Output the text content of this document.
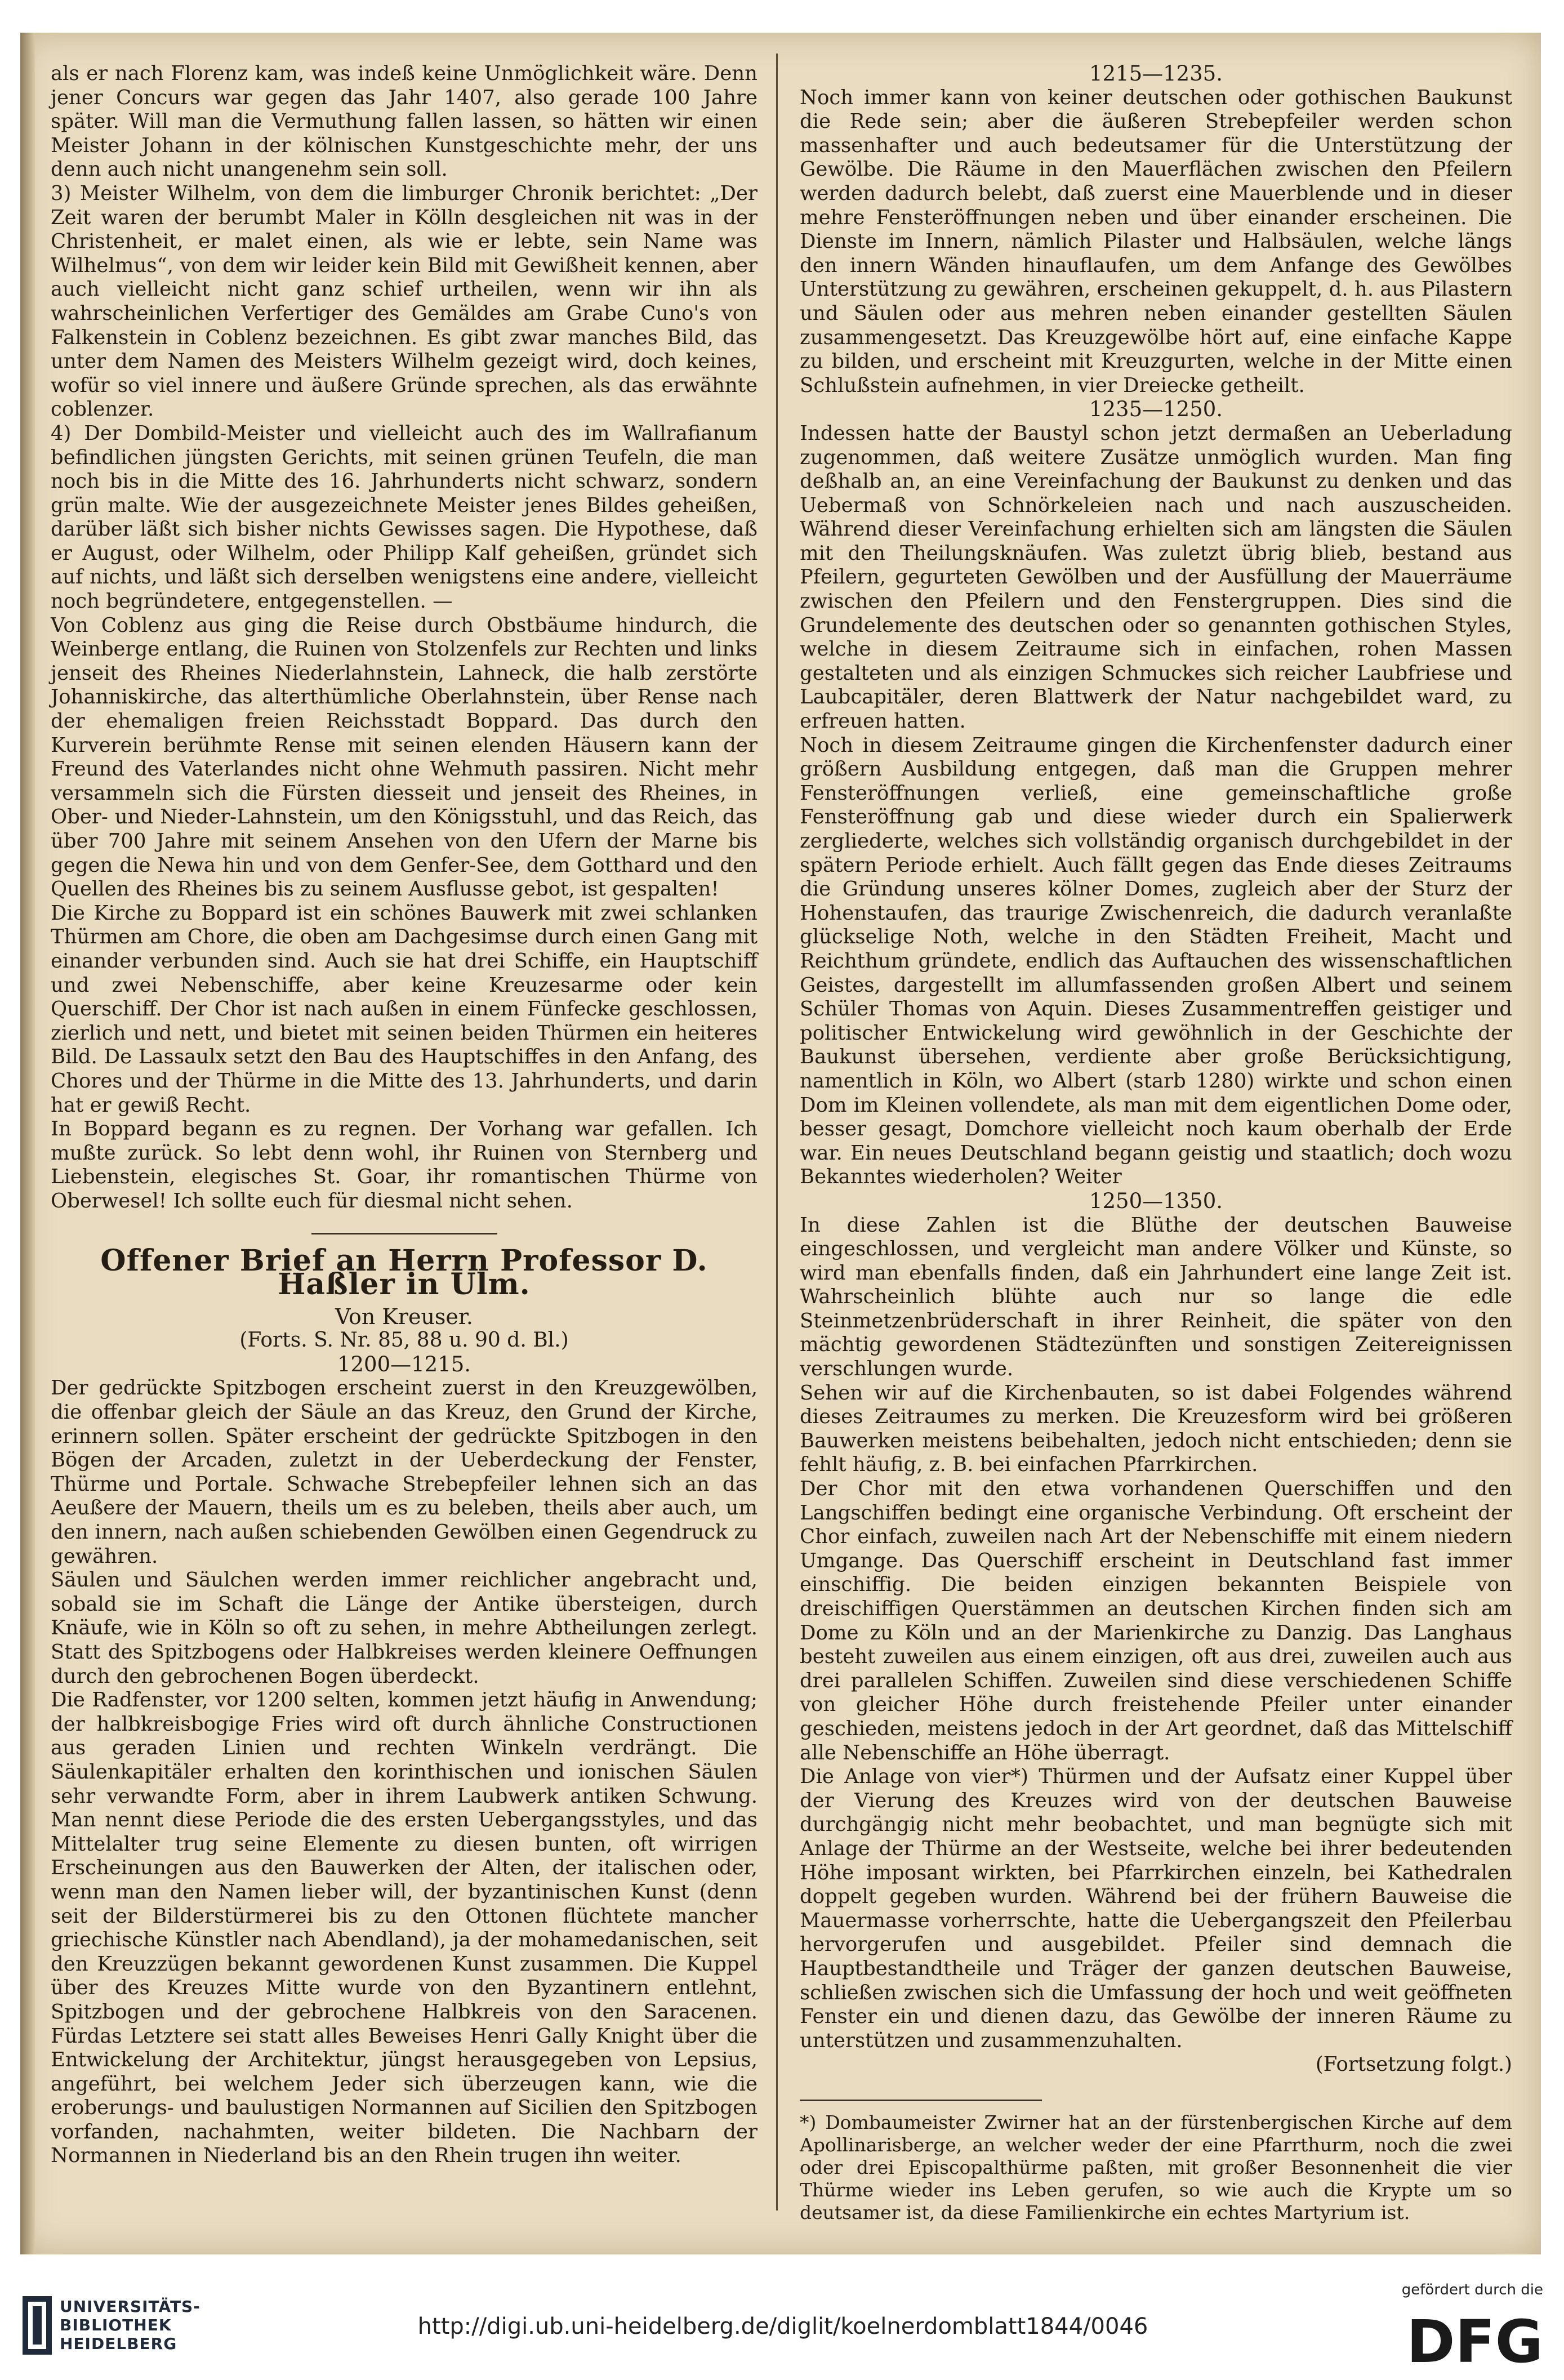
als er nach Florenz kam, was indeß keine Unmöglichkeit wäre. Denn jener Concurs war gegen das Jahr 1407, also gerade 100 Jahre später. Will man die Vermuthung fallen lassen, so hätten wir einen Meister Johann in der kölnischen Kunstgeschichte mehr, der uns denn auch nicht unangenehm sein soll.

3) Meister Wilhelm, von dem die limburger Chronik berichtet: „Der Zeit waren der berumbt Maler in Kölln desgleichen nit was in der Christenheit, er malet einen, als wie er lebte, sein Name was Wilhelmus“, von dem wir leider kein Bild mit Gewißheit kennen, aber auch vielleicht nicht ganz schief urtheilen, wenn wir ihn als wahrscheinlichen Verfertiger des Gemäldes am Grabe Cuno's von Falkenstein in Coblenz bezeichnen. Es gibt zwar manches Bild, das unter dem Namen des Meisters Wilhelm gezeigt wird, doch keines, wofür so viel innere und äußere Gründe sprechen, als das erwähnte coblenzer.

4) Der Dombild-Meister und vielleicht auch des im Wallrafianum befindlichen jüngsten Gerichts, mit seinen grünen Teufeln, die man noch bis in die Mitte des 16. Jahrhunderts nicht schwarz, sondern grün malte. Wie der ausgezeichnete Meister jenes Bildes geheißen, darüber läßt sich bisher nichts Gewisses sagen. Die Hypothese, daß er August, oder Wilhelm, oder Philipp Kalf geheißen, gründet sich auf nichts, und läßt sich derselben wenigstens eine andere, vielleicht noch begründetere, entgegenstellen. —

Von Coblenz aus ging die Reise durch Obstbäume hindurch, die Weinberge entlang, die Ruinen von Stolzenfels zur Rechten und links jenseit des Rheines Niederlahnstein, Lahneck, die halb zerstörte Johanniskirche, das alterthümliche Oberlahnstein, über Rense nach der ehemaligen freien Reichsstadt Boppard. Das durch den Kurverein berühmte Rense mit seinen elenden Häusern kann der Freund des Vaterlandes nicht ohne Wehmuth passiren. Nicht mehr versammeln sich die Fürsten diesseit und jenseit des Rheines, in Ober- und Nieder-Lahnstein, um den Königsstuhl, und das Reich, das über 700 Jahre mit seinem Ansehen von den Ufern der Marne bis gegen die Newa hin und von dem Genfer-See, dem Gotthard und den Quellen des Rheines bis zu seinem Ausflusse gebot, ist gespalten!

Die Kirche zu Boppard ist ein schönes Bauwerk mit zwei schlanken Thürmen am Chore, die oben am Dachgesimse durch einen Gang mit einander verbunden sind. Auch sie hat drei Schiffe, ein Hauptschiff und zwei Nebenschiffe, aber keine Kreuzesarme oder kein Querschiff. Der Chor ist nach außen in einem Fünfecke geschlossen, zierlich und nett, und bietet mit seinen beiden Thürmen ein heiteres Bild. De Lassaulx setzt den Bau des Hauptschiffes in den Anfang, des Chores und der Thürme in die Mitte des 13. Jahrhunderts, und darin hat er gewiß Recht.

In Boppard begann es zu regnen. Der Vorhang war gefallen. Ich mußte zurück. So lebt denn wohl, ihr Ruinen von Sternberg und Liebenstein, elegisches St. Goar, ihr romantischen Thürme von Oberwesel! Ich sollte euch für diesmal nicht sehen.

Offener Brief an Herrn Professor D. Haßler in Ulm.

Von Kreuser.

(Forts. S. Nr. 85, 88 u. 90 d. Bl.)

1200—1215.

Der gedrückte Spitzbogen erscheint zuerst in den Kreuzgewölben, die offenbar gleich der Säule an das Kreuz, den Grund der Kirche, erinnern sollen. Später erscheint der gedrückte Spitzbogen in den Bögen der Arcaden, zuletzt in der Ueberdeckung der Fenster, Thürme und Portale. Schwache Strebepfeiler lehnen sich an das Aeußere der Mauern, theils um es zu beleben, theils aber auch, um den innern, nach außen schiebenden Gewölben einen Gegendruck zu gewähren.

Säulen und Säulchen werden immer reichlicher angebracht und, sobald sie im Schaft die Länge der Antike übersteigen, durch Knäufe, wie in Köln so oft zu sehen, in mehre Abtheilungen zerlegt. Statt des Spitzbogens oder Halbkreises werden kleinere Oeffnungen durch den gebrochenen Bogen überdeckt.

Die Radfenster, vor 1200 selten, kommen jetzt häufig in Anwendung; der halbkreisbogige Fries wird oft durch ähnliche Constructionen aus geraden Linien und rechten Winkeln verdrängt. Die Säulenkapitäler erhalten den korinthischen und ionischen Säulen sehr verwandte Form, aber in ihrem Laubwerk antiken Schwung. Man nennt diese Periode die des ersten Uebergangsstyles, und das Mittelalter trug seine Elemente zu diesen bunten, oft wirrigen Erscheinungen aus den Bauwerken der Alten, der italischen oder, wenn man den Namen lieber will, der byzantinischen Kunst (denn seit der Bilderstürmerei bis zu den Ottonen flüchtete mancher griechische Künstler nach Abendland), ja der mohamedanischen, seit den Kreuzzügen bekannt gewordenen Kunst zusammen. Die Kuppel über des Kreuzes Mitte wurde von den Byzantinern entlehnt, Spitzbogen und der gebrochene Halbkreis von den Saracenen. Fürdas Letztere sei statt alles Beweises Henri Gally Knight über die Entwickelung der Architektur, jüngst herausgegeben von Lepsius, angeführt, bei welchem Jeder sich überzeugen kann, wie die eroberungs- und baulustigen Normannen auf Sicilien den Spitzbogen vorfanden, nachahmten, weiter bildeten. Die Nachbarn der Normannen in Niederland bis an den Rhein trugen ihn weiter.

1215—1235.

Noch immer kann von keiner deutschen oder gothischen Baukunst die Rede sein; aber die äußeren Strebepfeiler werden schon massenhafter und auch bedeutsamer für die Unterstützung der Gewölbe. Die Räume in den Mauerflächen zwischen den Pfeilern werden dadurch belebt, daß zuerst eine Mauerblende und in dieser mehre Fensteröffnungen neben und über einander erscheinen. Die Dienste im Innern, nämlich Pilaster und Halbsäulen, welche längs den innern Wänden hinauflaufen, um dem Anfange des Gewölbes Unterstützung zu gewähren, erscheinen gekuppelt, d. h. aus Pilastern und Säulen oder aus mehren neben einander gestellten Säulen zusammengesetzt. Das Kreuzgewölbe hört auf, eine einfache Kappe zu bilden, und erscheint mit Kreuzgurten, welche in der Mitte einen Schlußstein aufnehmen, in vier Dreiecke getheilt.

1235—1250.

Indessen hatte der Baustyl schon jetzt dermaßen an Ueberladung zugenommen, daß weitere Zusätze unmöglich wurden. Man fing deßhalb an, an eine Vereinfachung der Baukunst zu denken und das Uebermaß von Schnörkeleien nach und nach auszuscheiden. Während dieser Vereinfachung erhielten sich am längsten die Säulen mit den Theilungsknäufen. Was zuletzt übrig blieb, bestand aus Pfeilern, gegurteten Gewölben und der Ausfüllung der Mauerräume zwischen den Pfeilern und den Fenstergruppen. Dies sind die Grundelemente des deutschen oder so genannten gothischen Styles, welche in diesem Zeitraume sich in einfachen, rohen Massen gestalteten und als einzigen Schmuckes sich reicher Laubfriese und Laubcapitäler, deren Blattwerk der Natur nachgebildet ward, zu erfreuen hatten.

Noch in diesem Zeitraume gingen die Kirchenfenster dadurch einer größern Ausbildung entgegen, daß man die Gruppen mehrer Fensteröffnungen verließ, eine gemeinschaftliche große Fensteröffnung gab und diese wieder durch ein Spalierwerk zergliederte, welches sich vollständig organisch durchgebildet in der spätern Periode erhielt. Auch fällt gegen das Ende dieses Zeitraums die Gründung unseres kölner Domes, zugleich aber der Sturz der Hohenstaufen, das traurige Zwischenreich, die dadurch veranlaßte glückselige Noth, welche in den Städten Freiheit, Macht und Reichthum gründete, endlich das Auftauchen des wissenschaftlichen Geistes, dargestellt im allumfassenden großen Albert und seinem Schüler Thomas von Aquin. Dieses Zusammentreffen geistiger und politischer Entwickelung wird gewöhnlich in der Geschichte der Baukunst übersehen, verdiente aber große Berücksichtigung, namentlich in Köln, wo Albert (starb 1280) wirkte und schon einen Dom im Kleinen vollendete, als man mit dem eigentlichen Dome oder, besser gesagt, Domchore vielleicht noch kaum oberhalb der Erde war. Ein neues Deutschland begann geistig und staatlich; doch wozu Bekanntes wiederholen? Weiter

1250—1350.

In diese Zahlen ist die Blüthe der deutschen Bauweise eingeschlossen, und vergleicht man andere Völker und Künste, so wird man ebenfalls finden, daß ein Jahrhundert eine lange Zeit ist. Wahrscheinlich blühte auch nur so lange die edle Steinmetzenbrüderschaft in ihrer Reinheit, die später von den mächtig gewordenen Städtezünften und sonstigen Zeitereignissen verschlungen wurde.

Sehen wir auf die Kirchenbauten, so ist dabei Folgendes während dieses Zeitraumes zu merken. Die Kreuzesform wird bei größeren Bauwerken meistens beibehalten, jedoch nicht entschieden; denn sie fehlt häufig, z. B. bei einfachen Pfarrkirchen.

Der Chor mit den etwa vorhandenen Querschiffen und den Langschiffen bedingt eine organische Verbindung. Oft erscheint der Chor einfach, zuweilen nach Art der Nebenschiffe mit einem niedern Umgange. Das Querschiff erscheint in Deutschland fast immer einschiffig. Die beiden einzigen bekannten Beispiele von dreischiffigen Querstämmen an deutschen Kirchen finden sich am Dome zu Köln und an der Marienkirche zu Danzig. Das Langhaus besteht zuweilen aus einem einzigen, oft aus drei, zuweilen auch aus drei parallelen Schiffen. Zuweilen sind diese verschiedenen Schiffe von gleicher Höhe durch freistehende Pfeiler unter einander geschieden, meistens jedoch in der Art geordnet, daß das Mittelschiff alle Nebenschiffe an Höhe überragt.

Die Anlage von vier*) Thürmen und der Aufsatz einer Kuppel über der Vierung des Kreuzes wird von der deutschen Bauweise durchgängig nicht mehr beobachtet, und man begnügte sich mit Anlage der Thürme an der Westseite, welche bei ihrer bedeutenden Höhe imposant wirkten, bei Pfarrkirchen einzeln, bei Kathedralen doppelt gegeben wurden. Während bei der frühern Bauweise die Mauermasse vorherrschte, hatte die Uebergangszeit den Pfeilerbau hervorgerufen und ausgebildet. Pfeiler sind demnach die Hauptbestandtheile und Träger der ganzen deutschen Bauweise, schließen zwischen sich die Umfassung der hoch und weit geöffneten Fenster ein und dienen dazu, das Gewölbe der inneren Räume zu unterstützen und zusammenzuhalten.

(Fortsetzung folgt.)

*) Dombaumeister Zwirner hat an der fürstenbergischen Kirche auf dem Apollinarisberge, an welcher weder der eine Pfarrthurm, noch die zwei oder drei Episcopalthürme paßten, mit großer Besonnenheit die vier Thürme wieder ins Leben gerufen, so wie auch die Krypte um so deutsamer ist, da diese Familienkirche ein echtes Martyrium ist.

UNIVERSITÄTS-
BIBLIOTHEK
HEIDELBERG
http://digi.ub.uni-heidelberg.de/diglit/koelnerdomblatt1844/0046
gefördert durch die
DFG
